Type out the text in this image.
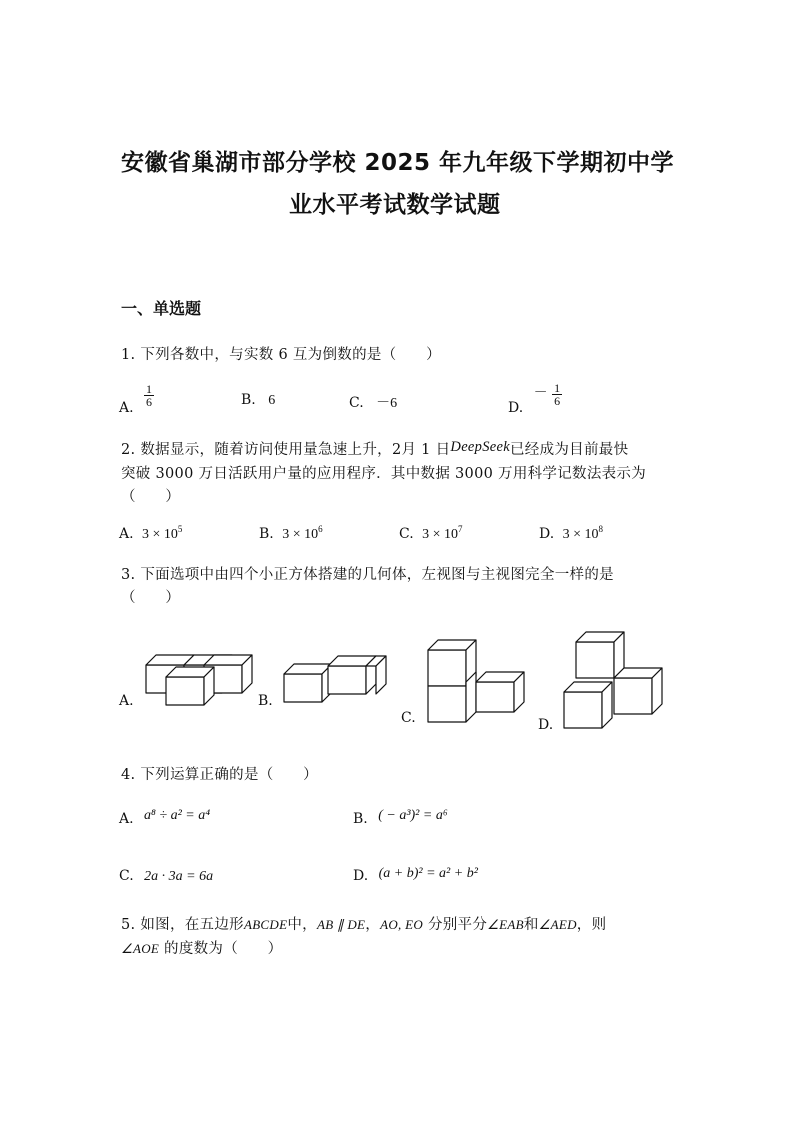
安徽省巢湖市部分学校 2025 年九年级下学期初中学
业水平考试数学试题
一、单选题
1. 下列各数中，与实数 6 互为倒数的是（　　）
A. $\frac{1}{6}$	B. 6	C. －6	D. － $\frac{1}{6}$
2. 数据显示，随着访问使用量急速上升，2月 1 日DeepSeek已经成为目前最快
突破 3000 万日活跃用户量的应用程序．其中数据 3000 万用科学记数法表示为
（　　）
A. $3 \times 10^5$	B. $3 \times 10^6$	C. $3 \times 10^7$	D. $3 \times 10^8$
3. 下面选项中由四个小正方体搭建的几何体，左视图与主视图完全一样的是
（　　）
A.	B.
C.	D.
4. 下列运算正确的是（　　）
A. a⁸ ÷ a² = a⁴	B. ( − a³)² = a⁶
C. 2a · 3a = 6a	D. (a + b)² = a² + b²
5. 如图，在五边形ABCDE中，AB ∥ DE，AO, EO 分别平分∠EAB和∠AED，则
∠AOE 的度数为（　　）
